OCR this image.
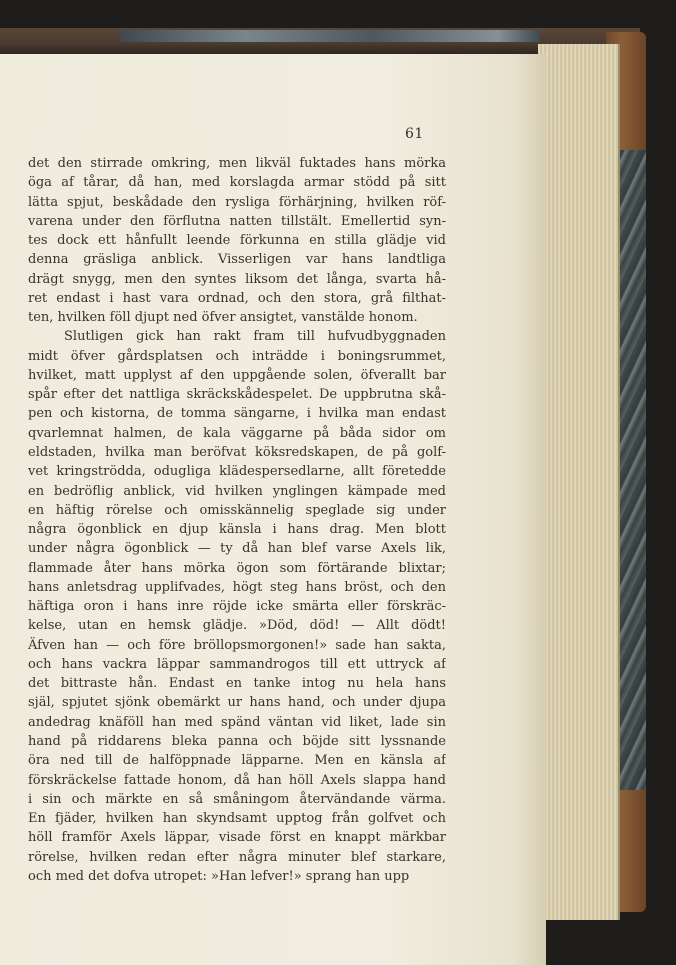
61
det den stirrade omkring, men likväl fuktades hans mörka
öga af tårar, då han, med korslagda armar stödd på sitt
lätta spjut, beskådade den rysliga förhärjning, hvilken röf-
varena under den förflutna natten tillstält. Emellertid syn-
tes dock ett hånfullt leende förkunna en stilla glädje vid
denna gräsliga anblick. Visserligen var hans landtliga
drägt snygg, men den syntes liksom det långa, svarta hå-
ret endast i hast vara ordnad, och den stora, grå filthat-
ten, hvilken föll djupt ned öfver ansigtet, vanstälde honom.
Slutligen gick han rakt fram till hufvudbyggnaden
midt öfver gårdsplatsen och inträdde i boningsrummet,
hvilket, matt upplyst af den uppgående solen, öfverallt bar
spår efter det nattliga skräckskådespelet. De uppbrutna skå-
pen och kistorna, de tomma sängarne, i hvilka man endast
qvarlemnat halmen, de kala väggarne på båda sidor om
eldstaden, hvilka man beröfvat köksredskapen, de på golf-
vet kringströdda, odugliga klädespersedlarne, allt företedde
en bedröflig anblick, vid hvilken ynglingen kämpade med
en häftig rörelse och omisskännelig speglade sig under
några ögonblick en djup känsla i hans drag. Men blott
under några ögonblick — ty då han blef varse Axels lik,
flammade åter hans mörka ögon som förtärande blixtar;
hans anletsdrag upplifvades, högt steg hans bröst, och den
häftiga oron i hans inre röjde icke smärta eller förskräc-
kelse, utan en hemsk glädje. »Död, död! — Allt dödt!
Äfven han — och före bröllopsmorgonen!» sade han sakta,
och hans vackra läppar sammandrogos till ett uttryck af
det bittraste hån. Endast en tanke intog nu hela hans
själ, spjutet sjönk obemärkt ur hans hand, och under djupa
andedrag knäföll han med spänd väntan vid liket, lade sin
hand på riddarens bleka panna och böjde sitt lyssnande
öra ned till de halföppnade läpparne. Men en känsla af
förskräckelse fattade honom, då han höll Axels slappa hand
i sin och märkte en så småningom återvändande värma.
En fjäder, hvilken han skyndsamt upptog från golfvet och
höll framför Axels läppar, visade först en knappt märkbar
rörelse, hvilken redan efter några minuter blef starkare,
och med det dofva utropet: »Han lefver!» sprang han upp
